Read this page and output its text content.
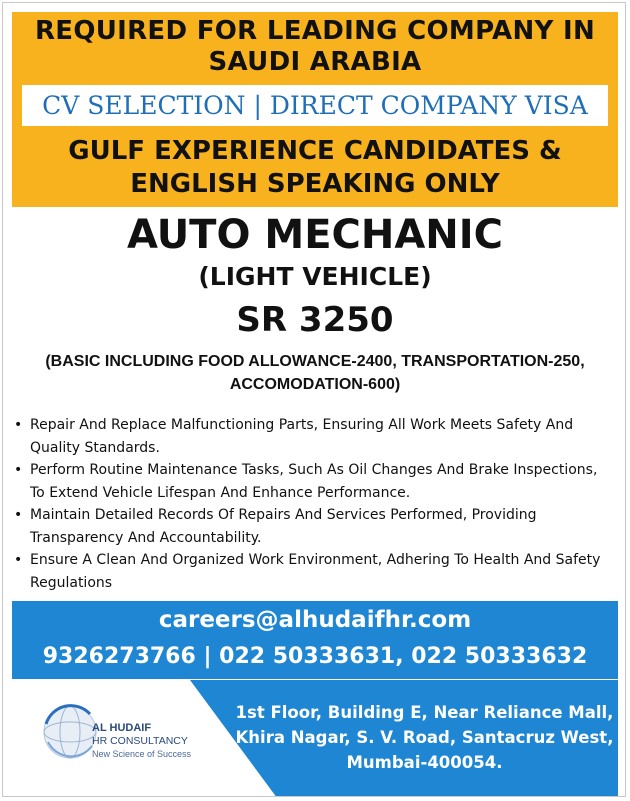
REQUIRED FOR LEADING COMPANY IN SAUDI ARABIA
CV SELECTION | DIRECT COMPANY VISA
GULF EXPERIENCE CANDIDATES &
ENGLISH SPEAKING ONLY
AUTO MECHANIC
(LIGHT VEHICLE)
SR 3250
(BASIC INCLUDING FOOD ALLOWANCE-2400, TRANSPORTATION-250,
ACCOMODATION-600)
• Repair And Replace Malfunctioning Parts, Ensuring All Work Meets Safety And Quality Standards.
• Perform Routine Maintenance Tasks, Such As Oil Changes And Brake Inspections, To Extend Vehicle Lifespan And Enhance Performance.
• Maintain Detailed Records Of Repairs And Services Performed, Providing Transparency And Accountability.
• Ensure A Clean And Organized Work Environment, Adhering To Health And Safety Regulations
careers@alhudaifhr.com
9326273766 | 022 50333631, 022 50333632
1st Floor, Building E, Near Reliance Mall,
Khira Nagar, S. V. Road, Santacruz West,
Mumbai-400054.
AL HUDAIF
HR CONSULTANCY
New Science of Success
